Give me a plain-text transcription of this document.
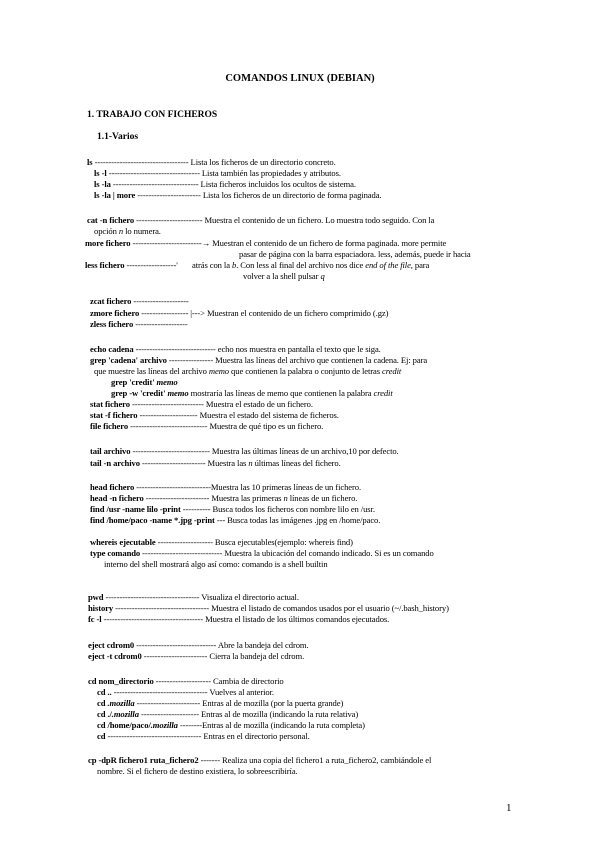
COMANDOS LINUX (DEBIAN)
1. TRABAJO CON FICHEROS
1.1-Varios
ls ---------------------------------- Lista los ficheros de un directorio concreto.
ls -l --------------------------------- Lista también las propiedades y atributos.
ls -la ------------------------------- Lista ficheros incluidos los ocultos de sistema.
ls -la | more ----------------------- Lista los ficheros de un directorio de forma paginada.
cat -n fichero ------------------------ Muestra el contenido de un fichero. Lo muestra todo seguido. Con la
opción n lo numera.
more fichero -------------------------→ Muestran el contenido de un fichero de forma paginada. more permite
pasar de página con la barra espaciadora. less, además, puede ir hacia
less fichero ------------------'       atrás con la b. Con less al final del archivo nos dice end of the file, para
volver a la shell pulsar q
zcat fichero --------------------
zmore fichero ----------------- |---> Muestran el contenido de un fichero comprimido (.gz)
zless fichero -------------------
echo cadena ----------------------------- echo nos muestra en pantalla el texto que le siga.
grep 'cadena' archivo ---------------- Muestra las líneas del archivo que contienen la cadena. Ej: para
que muestre las líneas del archivo memo que contienen la palabra o conjunto de letras credit
grep 'credit' memo
grep -w 'credit' memo mostraría las líneas de memo que contienen la palabra credit
stat fichero -------------------------- Muestra el estado de un fichero.
stat -f fichero --------------------- Muestra el estado del sistema de ficheros.
file fichero ---------------------------- Muestra de qué tipo es un fichero.
tail archivo ---------------------------- Muestra las últimas líneas de un archivo,10 por defecto.
tail -n archivo ----------------------- Muestra las n últimas líneas del fichero.
head fichero ---------------------------Muestra las 10 primeras líneas de un fichero.
head -n fichero ----------------------- Muestra las primeras n líneas de un fichero.
find /usr -name lilo -print ---------- Busca todos los ficheros con nombre lilo en /usr.
find /home/paco -name *.jpg -print --- Busca todas las imágenes .jpg en /home/paco.
whereis ejecutable -------------------- Busca ejecutables(ejemplo: whereis find)
type comando ----------------------------- Muestra la ubicación del comando indicado. Si es un comando
interno del shell mostrará algo así como: comando is a shell builtin
pwd ---------------------------------- Visualiza el directorio actual.
history ---------------------------------- Muestra el listado de comandos usados por el usuario (~/.bash_history)
fc -l ------------------------------------ Muestra el listado de los últimos comandos ejecutados.
eject cdrom0 ----------------------------- Abre la bandeja del cdrom.
eject -t cdrom0 ----------------------- Cierra la bandeja del cdrom.
cd nom_directorio -------------------- Cambia de directorio
cd .. ---------------------------------- Vuelves al anterior.
cd .mozilla ----------------------- Entras al de mozilla (por la puerta grande)
cd ./.mozilla --------------------- Entras al de mozilla (indicando la ruta relativa)
cd /home/paco/.mozilla --------Entras al de mozilla (indicando la ruta completa)
cd ---------------------------------- Entras en el directorio personal.
cp -dpR fichero1 ruta_fichero2 ------- Realiza una copia del fichero1 a ruta_fichero2, cambiándole el
nombre. Si el fichero de destino existiera, lo sobreescribiría.
1
